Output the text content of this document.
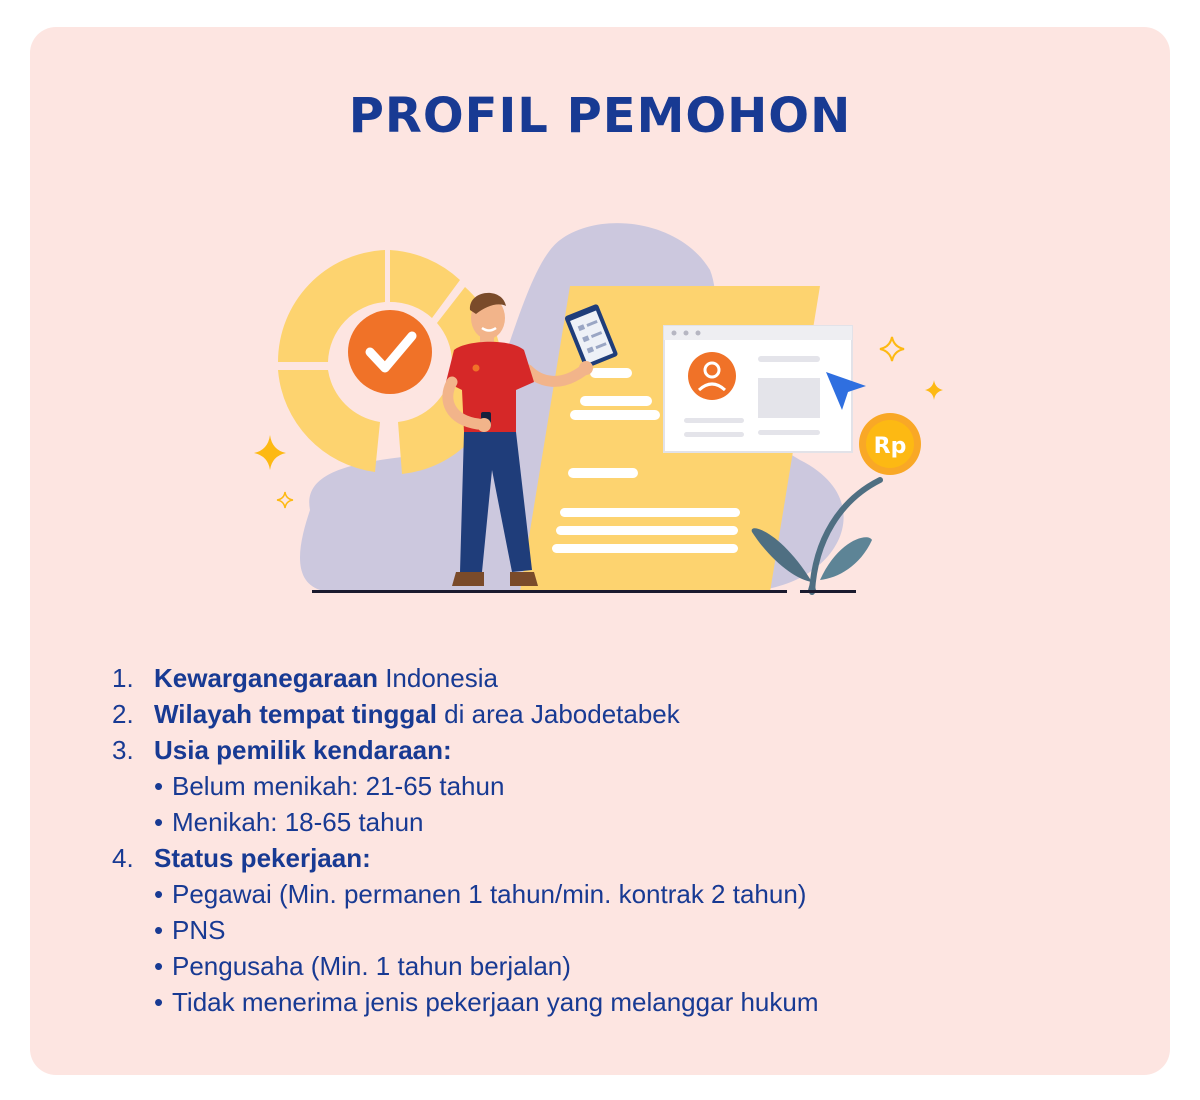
PROFIL PEMOHON
Rp
1. Kewarganegaraan Indonesia
2. Wilayah tempat tinggal di area Jabodetabek
3. Usia pemilik kendaraan:
• Belum menikah: 21-65 tahun
• Menikah: 18-65 tahun
4. Status pekerjaan:
• Pegawai (Min. permanen 1 tahun/min. kontrak 2 tahun)
• PNS
• Pengusaha (Min. 1 tahun berjalan)
• Tidak menerima jenis pekerjaan yang melanggar hukum
